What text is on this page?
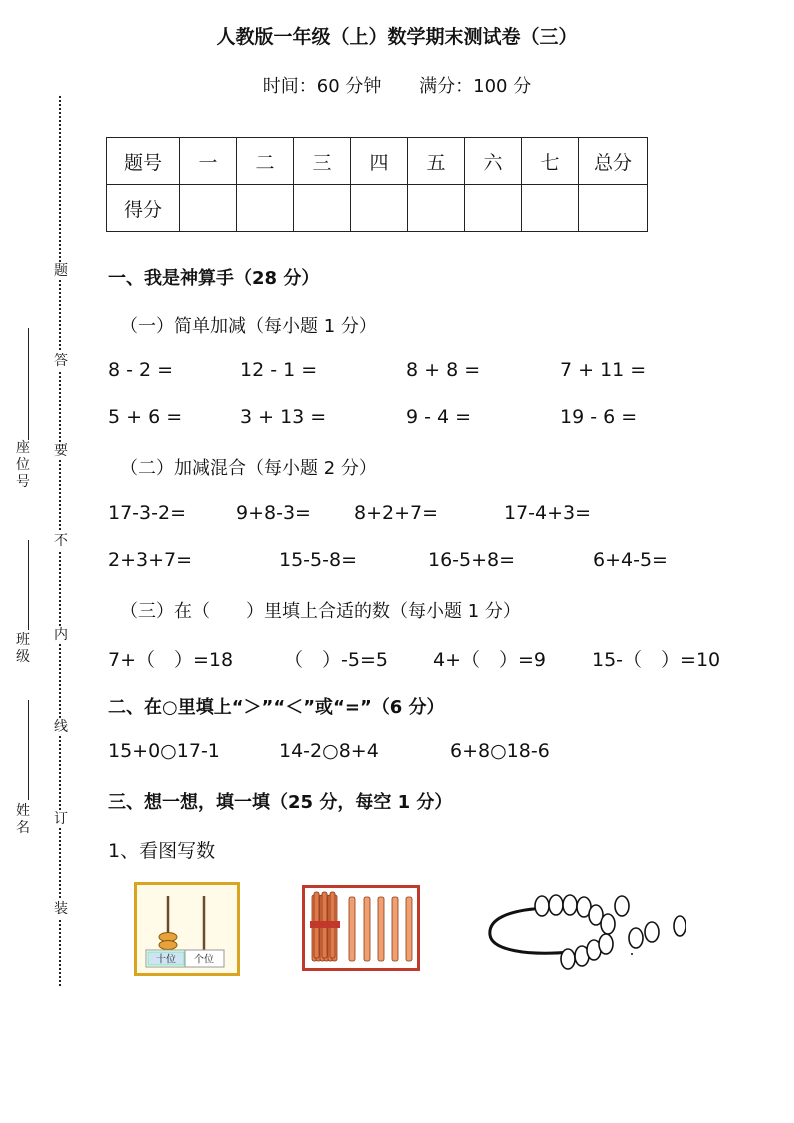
人教版一年级（上）数学期末测试卷（三）
时间：60 分钟 满分：100 分
题
答
要
不
内
线
订
装
座位号
班级
姓名
题号	一	二	三	四	五	六	七	总分
得分								
一、我是神算手（28 分）
（一）简单加减（每小题 1 分）
8 - 2 =	12 - 1 =	8 + 8 =	7 + 11 =
5 + 6 =	3 + 13 =	9 - 4 =	19 - 6 =
（二）加减混合（每小题 2 分）
17-3-2=	9+8-3= 8+2+7=	17-4+3=
2+3+7=	15-5-8=	16-5+8=	6+4-5=
（三）在（　　）里填上合适的数（每小题 1 分）
7+（　）=18	（　）-5=5 4+（　）=9 15-（　）=10
二、在○里填上“＞”“＜”或“=”（6 分）
15+0○17-1	14-2○8+4	6+8○18-6
三、想一想，填一填（25 分，每空 1 分）
1、看图写数
十位 个位
